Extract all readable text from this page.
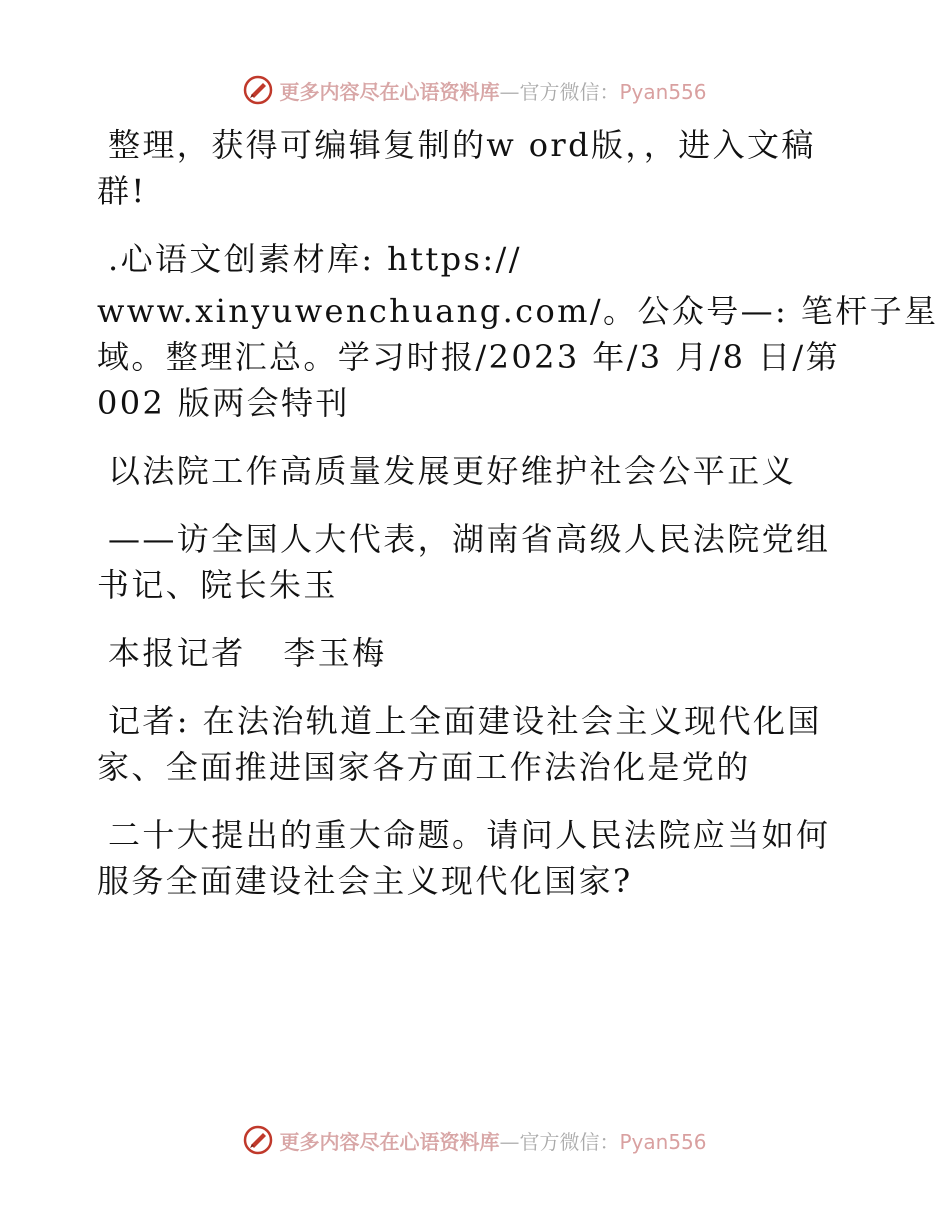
更多内容尽在心语资料库—官方微信：Pyan556
整理，获得可编辑复制的w ord版，，进入文稿
群!
.心语文创素材库: https://
www.xinyuwenchuang.com/。公众号—: 笔杆子星
域。整理汇总。学习时报/2023 年/3 月/8 日/第
002 版两会特刊
以法院工作高质量发展更好维护社会公平正义
——访全国人大代表，湖南省高级人民法院党组
书记、院长朱玉
本报记者   李玉梅
记者: 在法治轨道上全面建设社会主义现代化国
家、全面推进国家各方面工作法治化是党的
二十大提出的重大命题。请问人民法院应当如何
服务全面建设社会主义现代化国家?
更多内容尽在心语资料库—官方微信：Pyan556
